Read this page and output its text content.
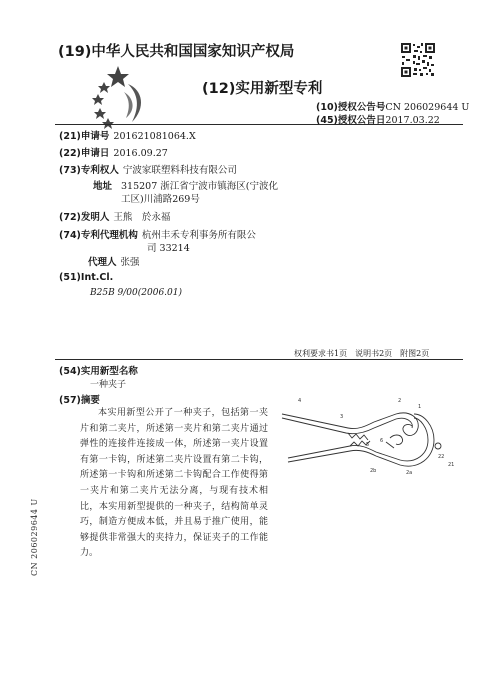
(19)中华人民共和国国家知识产权局
(12)实用新型专利
(10)授权公告号CN 206029644 U
(45)授权公告日2017.03.22
(21)申请号 201621081064.X
(22)申请日 2016.09.27
(73)专利权人 宁波家联塑料科技有限公司
地址 315207 浙江省宁波市镇海区(宁波化
工区)川浦路269号
(72)发明人 王熊　於永福
(74)专利代理机构 杭州丰禾专利事务所有限公
司 33214
代理人 张强
(51)Int.Cl.
B25B 9/00(2006.01)
权利要求书1页　说明书2页　附图2页
(54)实用新型名称
一种夹子
(57)摘要
本实用新型公开了一种夹子，包括第一夹片和第二夹片，所述第一夹片和第二夹片通过弹性的连接件连接成一体，所述第一夹片设置有第一卡钩，所述第二夹片设置有第二卡钩，所述第一卡钩和所述第二卡钩配合工作使得第一夹片和第二夹片无法分离，与现有技术相比，本实用新型提供的一种夹子，结构简单灵巧，制造方便成本低，并且易于推广使用，能够提供非常强大的夹持力，保证夹子的工作能力。
4
3
2
1
5
6
2b	2a
22
21
CN 206029644 U
